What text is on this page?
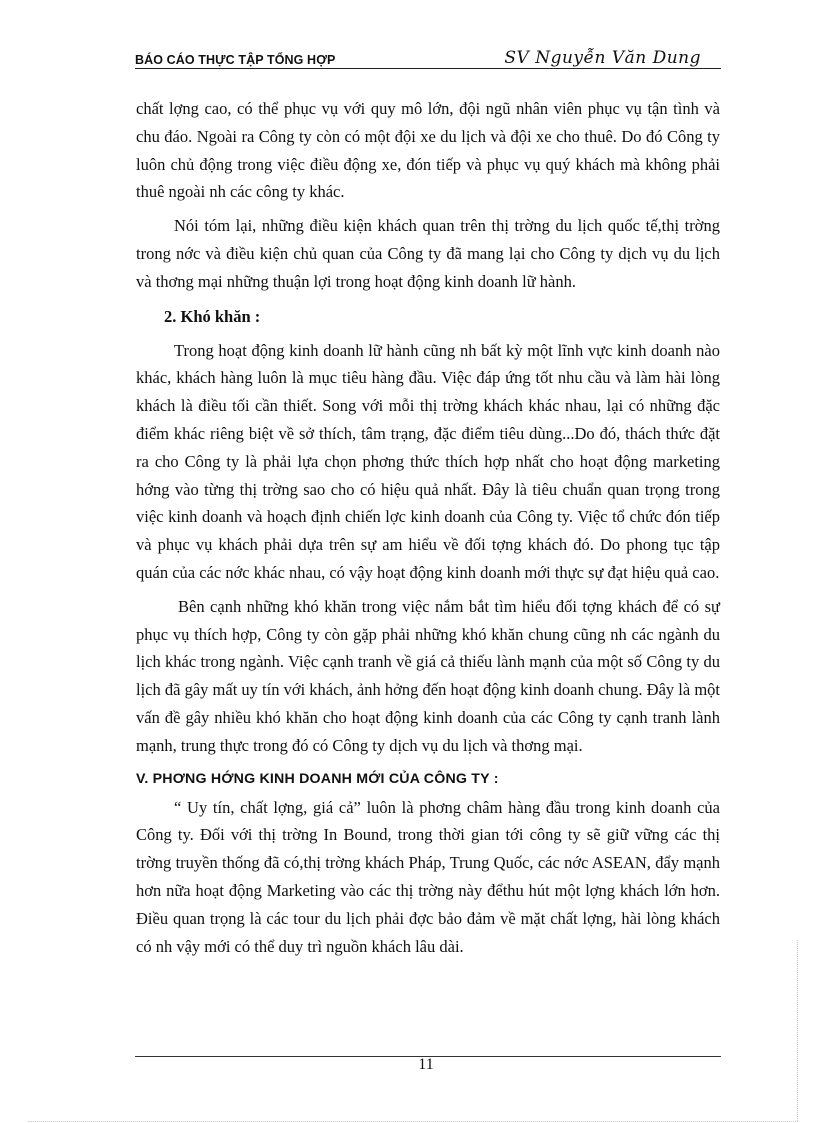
BÁO CÁO THỰC TẬP TỔNG HỢP	SV Nguyễn Văn Dung

chất lợng cao, có thể phục vụ với quy mô lớn, đội ngũ nhân viên phục vụ tận tình và chu đáo. Ngoài ra Công ty còn có một đội xe du lịch và đội xe cho thuê. Do đó Công ty luôn chủ động trong việc điều động xe, đón tiếp và phục vụ quý khách mà không phải thuê ngoài nh các công ty khác.

Nói tóm lại, những điều kiện khách quan trên thị trờng du lịch quốc tế,thị trờng trong nớc và điều kiện chủ quan của Công ty đã mang lại cho Công ty dịch vụ du lịch và thơng mại những thuận lợi trong hoạt động kinh doanh lữ hành.

2. Khó khăn :

Trong hoạt động kinh doanh lữ hành cũng nh bất kỳ một lĩnh vực kinh doanh nào khác, khách hàng luôn là mục tiêu hàng đầu. Việc đáp ứng tốt nhu cầu và làm hài lòng khách là điều tối cần thiết. Song với mỗi thị trờng khách khác nhau, lại có những đặc điểm khác riêng biệt về sở thích, tâm trạng, đặc điểm tiêu dùng...Do đó, thách thức đặt ra cho Công ty là phải lựa chọn phơng thức thích hợp nhất cho hoạt động marketing hớng vào từng thị trờng sao cho có hiệu quả nhất. Đây là tiêu chuẩn quan trọng trong việc kinh doanh và hoạch định chiến lợc kinh doanh của Công ty. Việc tổ chức đón tiếp và phục vụ khách phải dựa trên sự am hiểu về đối tợng khách đó. Do phong tục tập quán của các nớc khác nhau, có vậy hoạt động kinh doanh mới thực sự đạt hiệu quả cao.

Bên cạnh những khó khăn trong việc nắm bắt tìm hiểu đối tợng khách để có sự phục vụ thích hợp, Công ty còn gặp phải những khó khăn chung cũng nh các ngành du lịch khác trong ngành. Việc cạnh tranh về giá cả thiếu lành mạnh của một số Công ty du lịch đã gây mất uy tín với khách, ảnh hởng đến hoạt động kinh doanh chung. Đây là một vấn đề gây nhiều khó khăn cho hoạt động kinh doanh của các Công ty cạnh tranh lành mạnh, trung thực trong đó có Công ty dịch vụ du lịch và thơng mại.

V. PHƠNG HỚNG KINH DOANH MỚI CỦA CÔNG TY :

“ Uy tín, chất lợng, giá cả” luôn là phơng châm hàng đầu trong kinh doanh của Công ty. Đối với thị trờng In Bound, trong thời gian tới công ty sẽ giữ vững các thị trờng truyền thống đã có,thị trờng khách Pháp, Trung Quốc, các nớc ASEAN, đẩy mạnh hơn nữa hoạt động Marketing vào các thị trờng này đểthu hút một lợng khách lớn hơn. Điều quan trọng là các tour du lịch phải đợc bảo đảm về mặt chất lợng, hài lòng khách có nh vậy mới có thể duy trì nguồn khách lâu dài.

11
